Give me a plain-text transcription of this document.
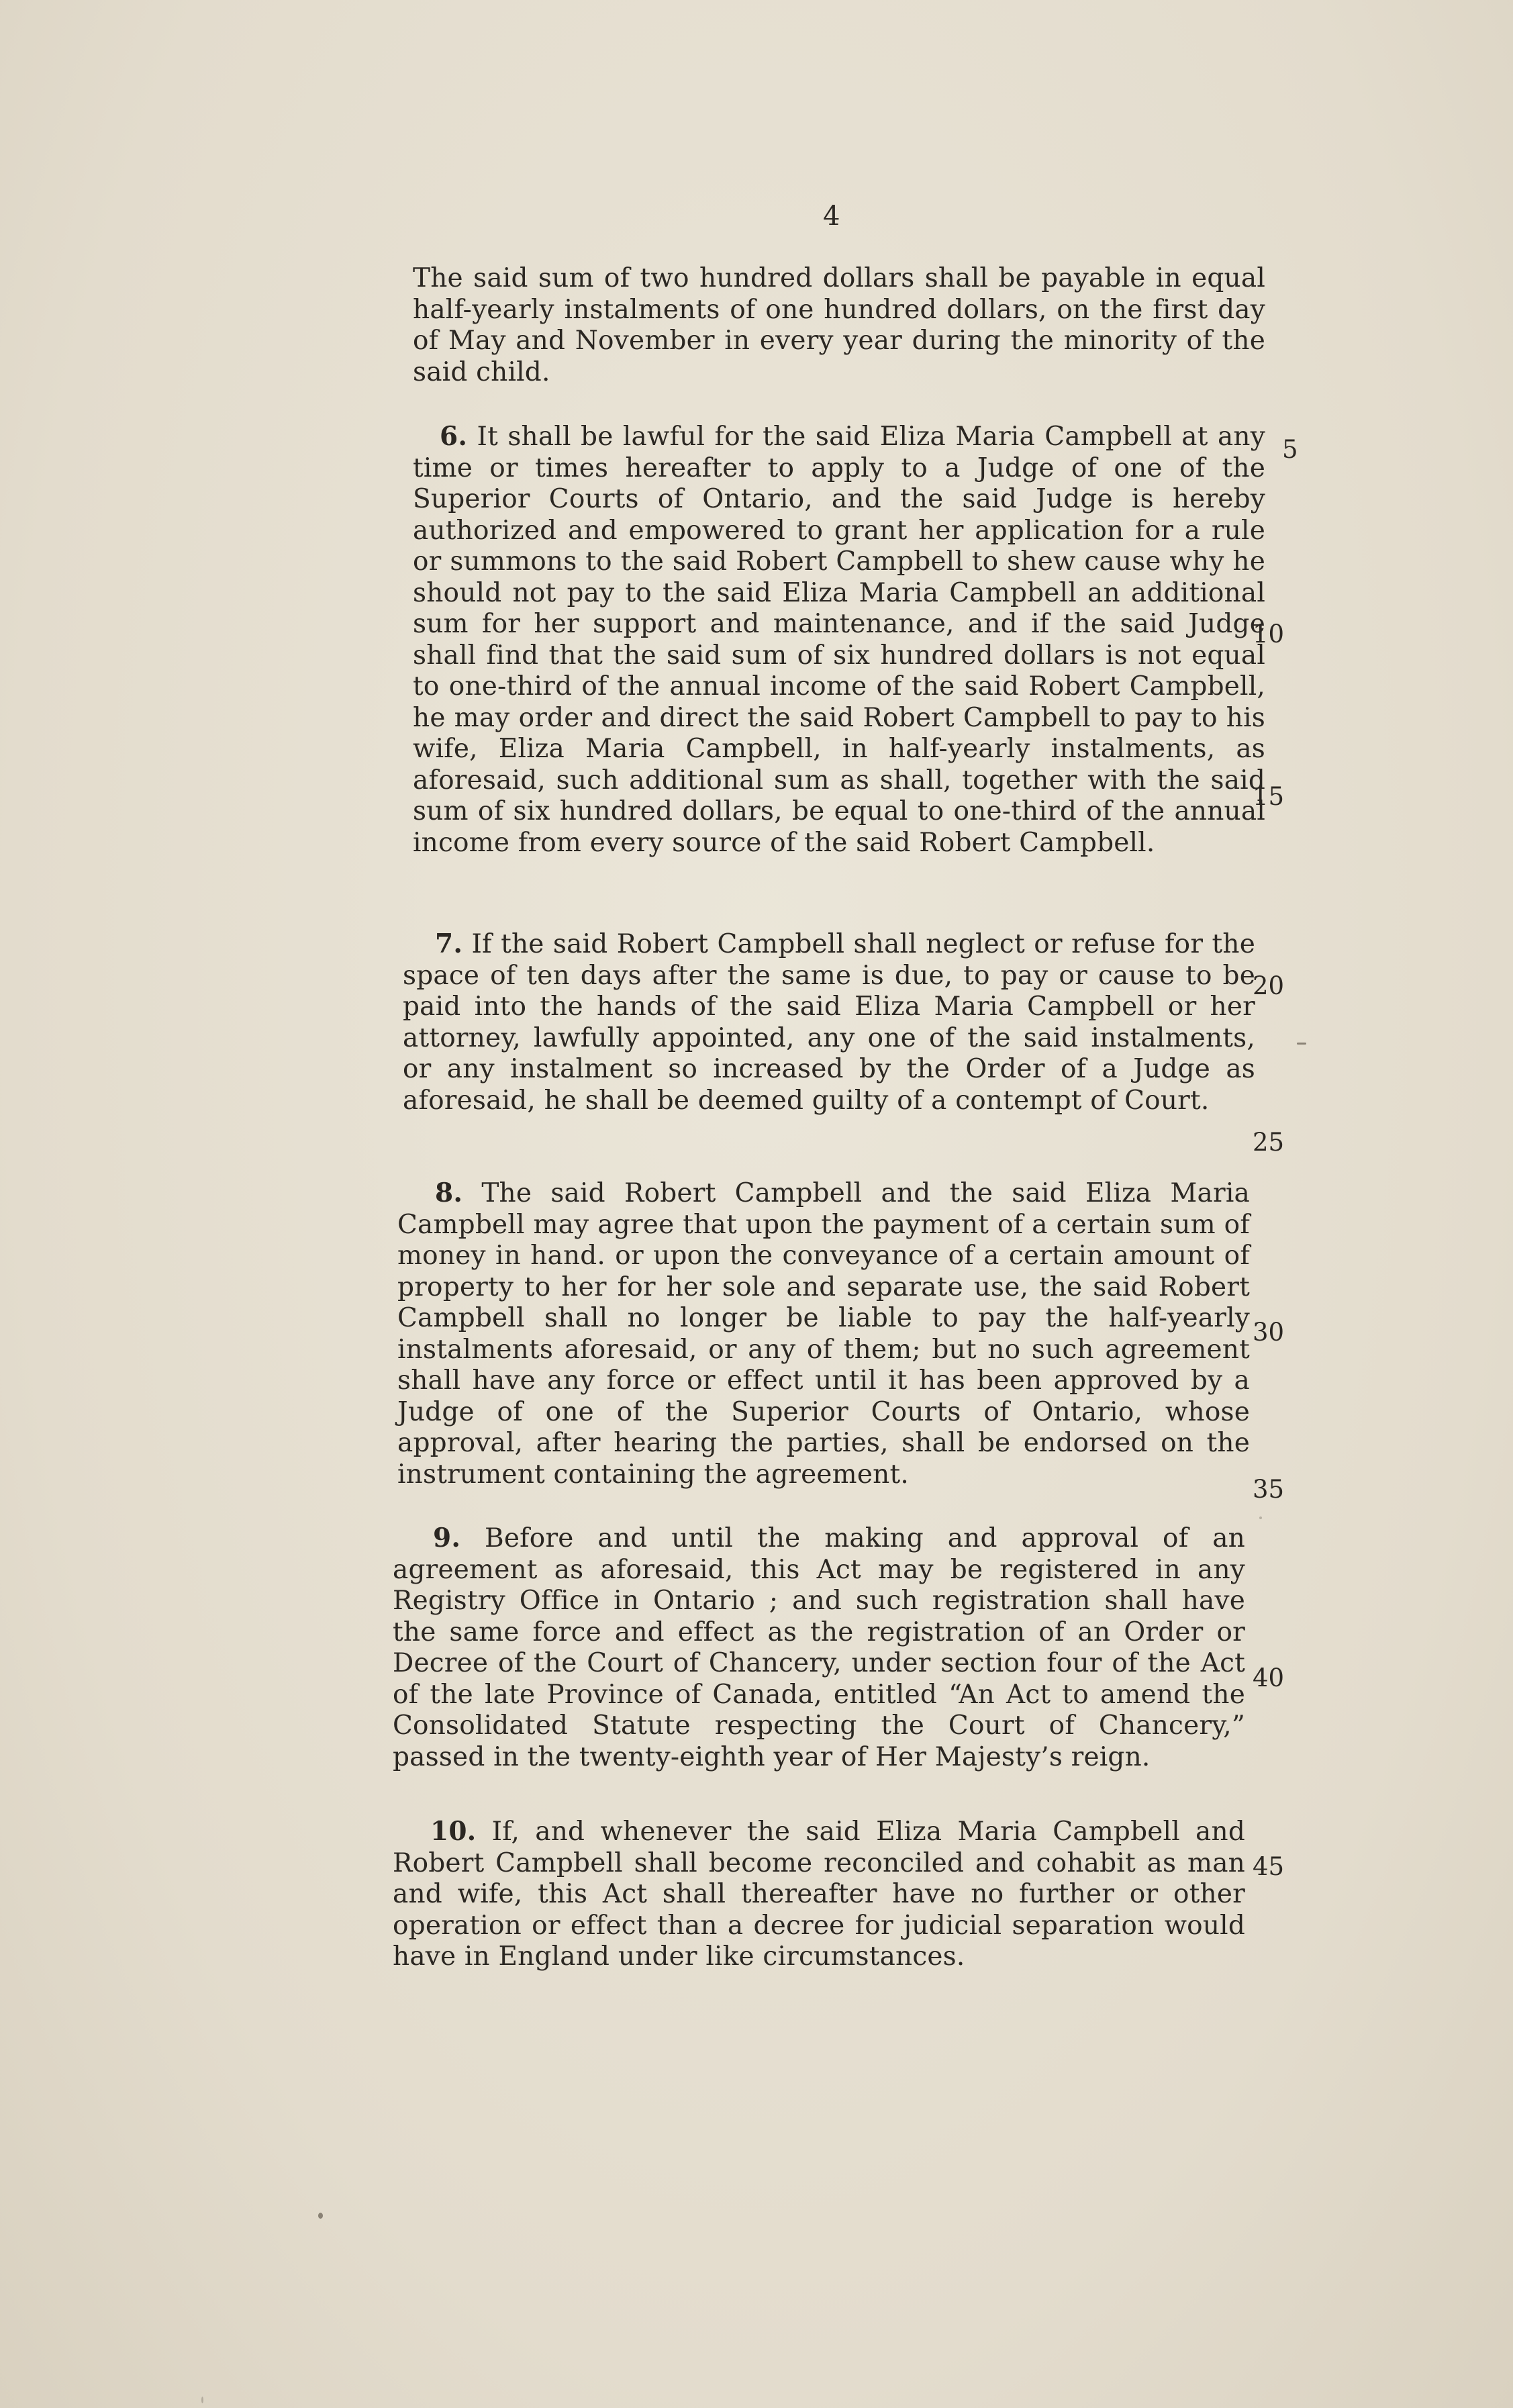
4

The said sum of two hundred dollars shall be payable in equal half-yearly instalments of one hundred dollars, on the first day of May and November in every year during the minority of the said child.

6. It shall be lawful for the said Eliza Maria Campbell at any time or times hereafter to apply to a Judge of one of the Superior Courts of Ontario, and the said Judge is hereby authorized and empowered to grant her application for a rule or summons to the said Robert Campbell to shew cause why he should not pay to the said Eliza Maria Campbell an additional sum for her support and maintenance, and if the said Judge shall find that the said sum of six hundred dollars is not equal to one-third of the annual income of the said Robert Campbell, he may order and direct the said Robert Campbell to pay to his wife, Eliza Maria Campbell, in half-yearly instalments, as aforesaid, such additional sum as shall, together with the said sum of six hundred dollars, be equal to one-third of the annual income from every source of the said Robert Campbell.

7. If the said Robert Campbell shall neglect or refuse for the space of ten days after the same is due, to pay or cause to be paid into the hands of the said Eliza Maria Campbell or her attorney, lawfully appointed, any one of the said instalments, or any instalment so increased by the Order of a Judge as aforesaid, he shall be deemed guilty of a contempt of Court.

8. The said Robert Campbell and the said Eliza Maria Campbell may agree that upon the payment of a certain sum of money in hand. or upon the conveyance of a certain amount of property to her for her sole and separate use, the said Robert Campbell shall no longer be liable to pay the half-yearly instalments aforesaid, or any of them; but no such agreement shall have any force or effect until it has been approved by a Judge of one of the Superior Courts of Ontario, whose approval, after hearing the parties, shall be endorsed on the instrument containing the agreement.

9. Before and until the making and approval of an agreement as aforesaid, this Act may be registered in any Registry Office in Ontario ; and such registration shall have the same force and effect as the registration of an Order or Decree of the Court of Chancery, under section four of the Act of the late Province of Canada, entitled “An Act to amend the Consolidated Statute respecting the Court of Chancery,” passed in the twenty-eighth year of Her Majesty’s reign.

10. If, and whenever the said Eliza Maria Campbell and Robert Campbell shall become reconciled and cohabit as man and wife, this Act shall thereafter have no further or other operation or effect than a decree for judicial separation would have in England under like circumstances.

5
10
15
20
25
30
35
40
45
